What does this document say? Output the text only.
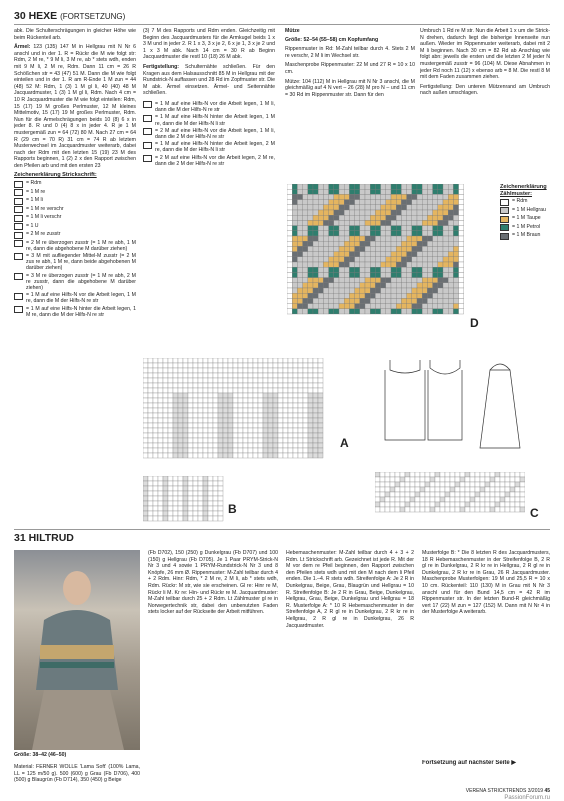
30 HEXE (FORTSETZUNG)
abk. Die Schulterschrägungen in gleicher Höhe wie beim Rückenteil arb.
Ärmel: 123 (135) 147 M in Hellgrau mit N Nr 6 anschl und in der 1. R = Rückr die M wie folgt str: Rdm, 2 M re, * 9 M li, 3 M re, ab * stets wdh, enden mit 9 M li, 2 M re, Rdm. Dann 11 cm = 26 R Schößchen str = 43 (47) 51 M. Dann die M wie folgt einteilen und in der 1. R am R-Ende 1 M zun = 44 (48) 52 M: Rdm, 1 (3) 1 M gl li, 40 (40) 48 M Jacquardmuster, 1 (3) 1 M gl li, Rdm. Nach 4 cm = 10 R Jacquardmuster die M wie folgt einteilen: Rdm, 15 (17) 19 M großes Perlmuster, 12 M kleines Mittelmotiv, 15 (17) 19 M großes Perlmuster, Rdm. Nun für die Armelschrägungen beids 10 (8) 6 x in jeder 8. R und 0 (4) 8 x in jeder 4. R je 1 M mustergemäß zun = 64 (72) 80 M. Nach 27 cm = 64 R (29 cm = 70 R) 31 cm = 74 R ab letztem Musterwechsel im Jacquardmuster weiterarb, dabei nach der Rdm mit den letzten 15 (19) 23 M des Rapports beginnen, 1 (2) 2 x den Rapport zwischen den Pfeilen arb und mit den ersten 23
Zeichenerklärung Strickschrift:
= Rdm
= 1 M re
= 1 M li
= 1 M re verschr
= 1 M li verschr
= 1 U
= 2 M re zusstr
= 2 M re überzogen zusstr (= 1 M re abh, 1 M re, dann die abgehobene M darüber ziehen)
= 3 M mit aufliegender Mittel-M zusstr (= 2 M zus re abh, 1 M re, dann beide abgehobenen M darüber ziehen)
= 3 M re überzogen zusstr (= 1 M re abh, 2 M re zusstr, dann die abgehobene M darüber ziehen)
= 1 M auf eine Hilfs-N vor die Arbeit legen, 1 M re, dann die M der Hilfs-N re str
= 1 M auf eine Hilfs-N hinter die Arbeit legen, 1 M re, dann die M der Hilfs-N re str
(3) 7 M des Rapports und Rdm enden. Gleichzeitig mit Beginn des Jacquardmusters für die Armkugel beids 1 x 3 M und in jeder 2. R 1 x 3, 3 x je 2, 6 x je 1, 3 x je 2 und 1 x 3 M abk. Nach 14 cm = 30 R ab Beginn Jacquardmuster die restl 10 (18) 26 M abk.
Fertigstellung: Schulternähte schließen. Für den Kragen aus dem Halsausschnitt 85 M in Hellgrau mit der Rundstrick-N auffassen und 28 Rd im Zopfmuster str. Die M abk. Ärmel einsetzen. Ärmel- und Seitennähte schließen.
= 1 M auf eine Hilfs-N vor die Arbeit legen, 1 M li, dann die M der Hilfs-N re str
= 1 M auf eine Hilfs-N hinter die Arbeit legen, 1 M re, dann die M der Hilfs-N li str
= 2 M auf eine Hilfs-N vor die Arbeit legen, 1 M li, dann die 2 M der Hilfs-N re str
= 1 M auf eine Hilfs-N hinter die Arbeit legen, 2 M re, dann die M der Hilfs-N li str
= 2 M auf eine Hilfs-N vor die Arbeit legen, 2 M re, dann die 2 M der Hilfs-N re str
Mütze
Größe: 52–54 (55–58) cm Kopfumfang
Rippenmuster in Rd: M-Zahl teilbar durch 4. Stets 2 M re verschr, 2 M li im Wechsel str.
Maschenprobe Rippenmuster: 22 M und 27 R = 10 x 10 cm.
Mütze: 104 (112) M in Hellgrau mit N Nr 3 anschl, die M gleichmäßig auf 4 N vert – 26 (28) M pro N – und 11 cm = 30 Rd im Rippenmuster str. Dann für den
Umbruch 1 Rd re M str. Nun die Arbeit 1 x um die Strick-N drehen, dadurch liegt die bisherige Innenseite nun außen. Wieder im Rippenmuster weiterarb, dabei mit 2 M li beginnen. Nach 30 cm = 82 Rd ab Anschlag wie folgt abn: jeweils die ersten und die letzten 2 M jeder N mustergemäß zusstr = 96 (104) M. Diese Abnahmen in jeder Rd noch 11 (12) x ebenso arb = 8 M. Die restl 8 M mit dem Faden zusammen ziehen.
Fertigstellung: Den unteren Mützenrand am Umbruch nach außen umschlagen.
D
Zeichenerklärung Zählmuster:
= Rdm
= 1 M Hellgrau
= 1 M Taupe
= 1 M Petrol
= 1 M Braun
A
B	C
31 HILTRUD
Größe: 38–42 (46–50)
Material: FERNER WOLLE 'Lama Soft' (100% Lama, LL = 125 m/50 g). 500 (600) g Grau (Fb D706), 400 (500) g Blaugrün (Fb D714), 350 (450) g Beige
(Fb D702), 150 (250) g Dunkelgrau (Fb D707) und 100 (150) g Hellgrau (Fb D705). Je 1 Paar PRYM-Strick-N Nr 3 und 4 sowie 1 PRYM-Rundstrick-N Nr 3 und 8 Knöpfe, 26 mm Ø. Rippenmuster: M-Zahl teilbar durch 4 + 2 Rdm. Hinr: Rdm, * 2 M re, 2 M li, ab * stets wdh, Rdm. Rückr: M str, wie sie erscheinen. Gl re: Hinr re M, Rückr li M. Kr re: Hin- und Rückr re M. Jacquardmuster: M-Zahl teilbar durch 25 + 2 Rdm. Lt Zählmuster gl re in Norwegertechnik str, dabei den unbenutzten Faden stets locker auf der Rückseite der Arbeit mitführen.
Hebemaschenmuster: M-Zahl teilbar durch 4 + 3 + 2 Rdm. Lt Strickschrift arb. Gezeichnet ist jede R. Mit der M vor dem re Pfeil beginnen, den Rapport zwischen den Pfeilen stets wdh und mit den M nach dem li Pfeil enden. Die 1.–4. R stets wdh. Streifenfolge A: Je 2 R in Dunkelgrau, Beige, Grau, Blaugrün und Hellgrau = 10 R. Streifenfolge B: Je 2 R in Grau, Beige, Dunkelgrau, Hellgrau, Grau, Beige, Dunkelgrau und Hellgrau = 18 R. Musterfolge A: * 10 R Hebemaschenmuster in der Streifenfolge A, 2 R gl re in Dunkelgrau, 2 R kr re in Hellgrau, 2 R gl re in Dunkelgrau, 26 R Jacquardmuster.
Musterfolge B: * Die 8 letzten R des Jacquardmusters, 18 R Hebemaschenmuster in der Streifenfolge B, 2 R gl re in Dunkelgrau, 2 R kr re in Hellgrau, 2 R gl re in Dunkelgrau, 2 R kr re in Grau, 26 R Jacquardmuster. Maschenprobe Musterfolgen: 19 M und 25,5 R = 10 x 10 cm. Rückenteil: 110 (130) M in Grau mit N Nr 3 anschl und für den Bund 14,5 cm = 42 R im Rippenmuster str. In der letzten Bund-R gleichmäßig vert 17 (22) M zun = 127 (152) M. Dann mit N Nr 4 in der Musterfolge A weiterarb.
Fortsetzung auf nächster Seite ▶
VERENA STRICKTRENDS 3/2019 45
PassionForum.ru
